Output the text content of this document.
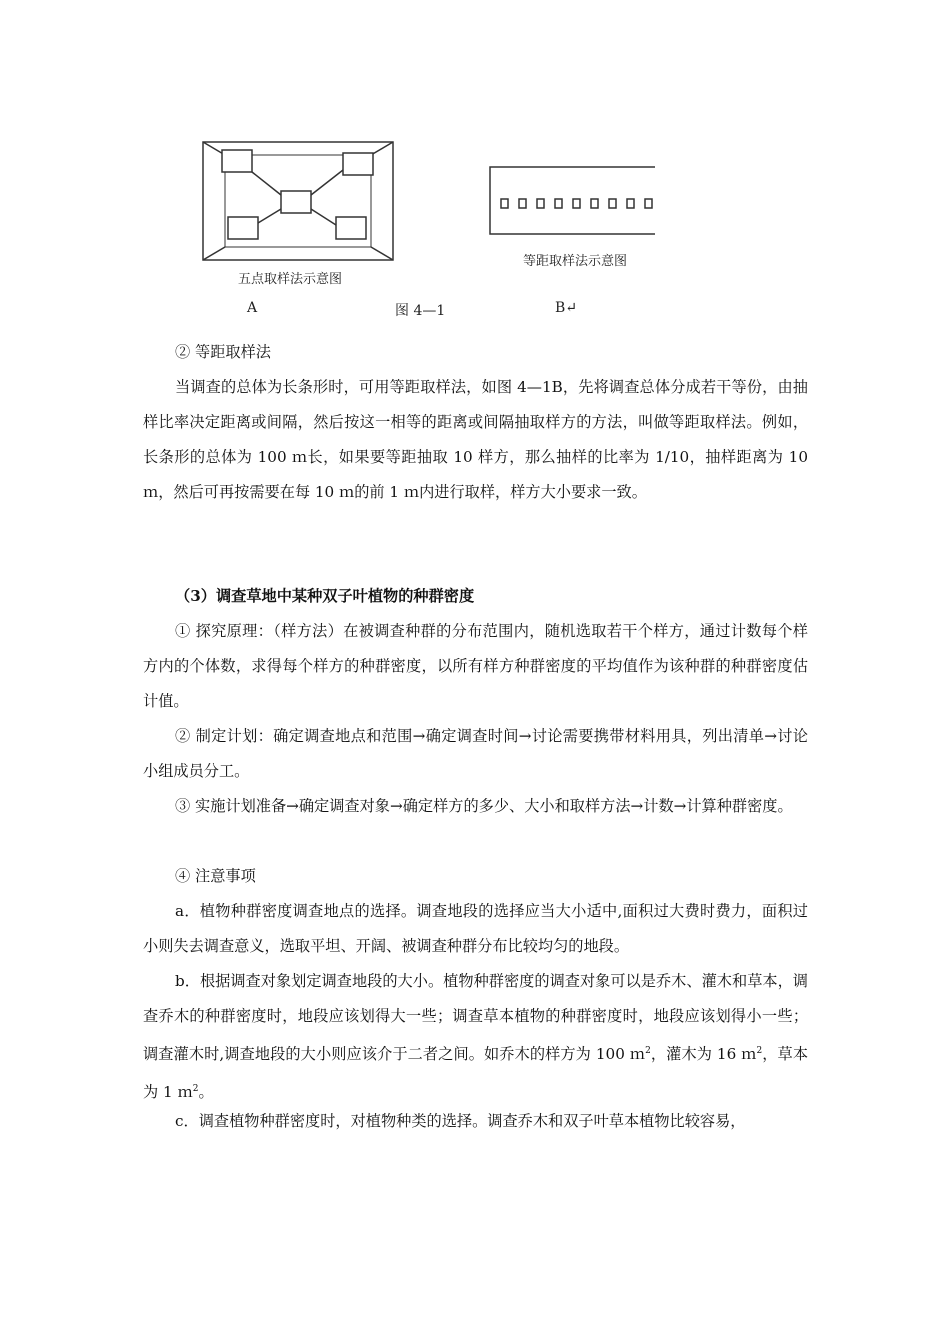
五点取样法示意图
等距取样法示意图
A	图 4—1	B↵
② 等距取样法
当调查的总体为长条形时，可用等距取样法，如图 4—1B，先将调查总体分成若干等份，由抽样比率决定距离或间隔，然后按这一相等的距离或间隔抽取样方的方法，叫做等距取样法。例如，长条形的总体为 100 ｍ长，如果要等距抽取 10 样方，那么抽样的比率为 1/10，抽样距离为 10 ｍ，然后可再按需要在每 10 ｍ的前 1 ｍ内进行取样，样方大小要求一致。
（3）调查草地中某种双子叶植物的种群密度
① 探究原理：（样方法）在被调查种群的分布范围内，随机选取若干个样方，通过计数每个样方内的个体数，求得每个样方的种群密度，以所有样方种群密度的平均值作为该种群的种群密度估计值。
② 制定计划：确定调查地点和范围→确定调查时间→讨论需要携带材料用具，列出清单→讨论小组成员分工。
③ 实施计划准备→确定调查对象→确定样方的多少、大小和取样方法→计数→计算种群密度。
④ 注意事项
a．植物种群密度调查地点的选择。调查地段的选择应当大小适中,面积过大费时费力，面积过小则失去调查意义，选取平坦、开阔、被调查种群分布比较均匀的地段。
b．根据调查对象划定调查地段的大小。植物种群密度的调查对象可以是乔木、灌木和草本，调查乔木的种群密度时，地段应该划得大一些；调查草本植物的种群密度时，地段应该划得小一些；调查灌木时,调查地段的大小则应该介于二者之间。如乔木的样方为 100 ｍ$^2$，灌木为 16 ｍ$^2$，草本为 1 ｍ$^2$。
c．调查植物种群密度时，对植物种类的选择。调查乔木和双子叶草本植物比较容易，
